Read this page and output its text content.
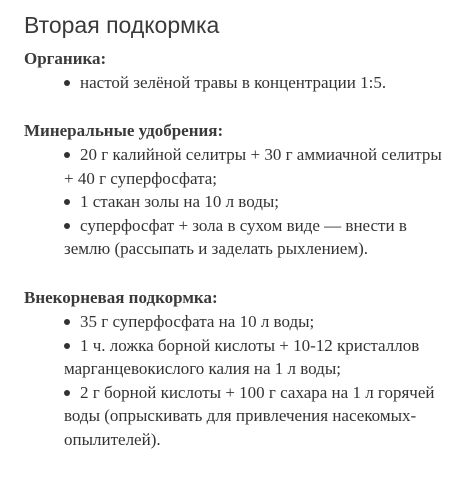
Вторая подкормка

Органика:

настой зелёной травы в концентрации 1:5.

Минеральные удобрения:

20 г калийной селитры + 30 г аммиачной селитры + 40 г суперфосфата;
1 стакан золы на 10 л воды;
суперфосфат + зола в сухом виде — внести в землю (рассыпать и заделать рыхлением).

Внекорневая подкормка:

35 г суперфосфата на 10 л воды;
1 ч. ложка борной кислоты + 10-12 кристаллов марганцевокислого калия на 1 л воды;
2 г борной кислоты + 100 г сахара на 1 л горячей воды (опрыскивать для привлечения насекомых-опылителей).
